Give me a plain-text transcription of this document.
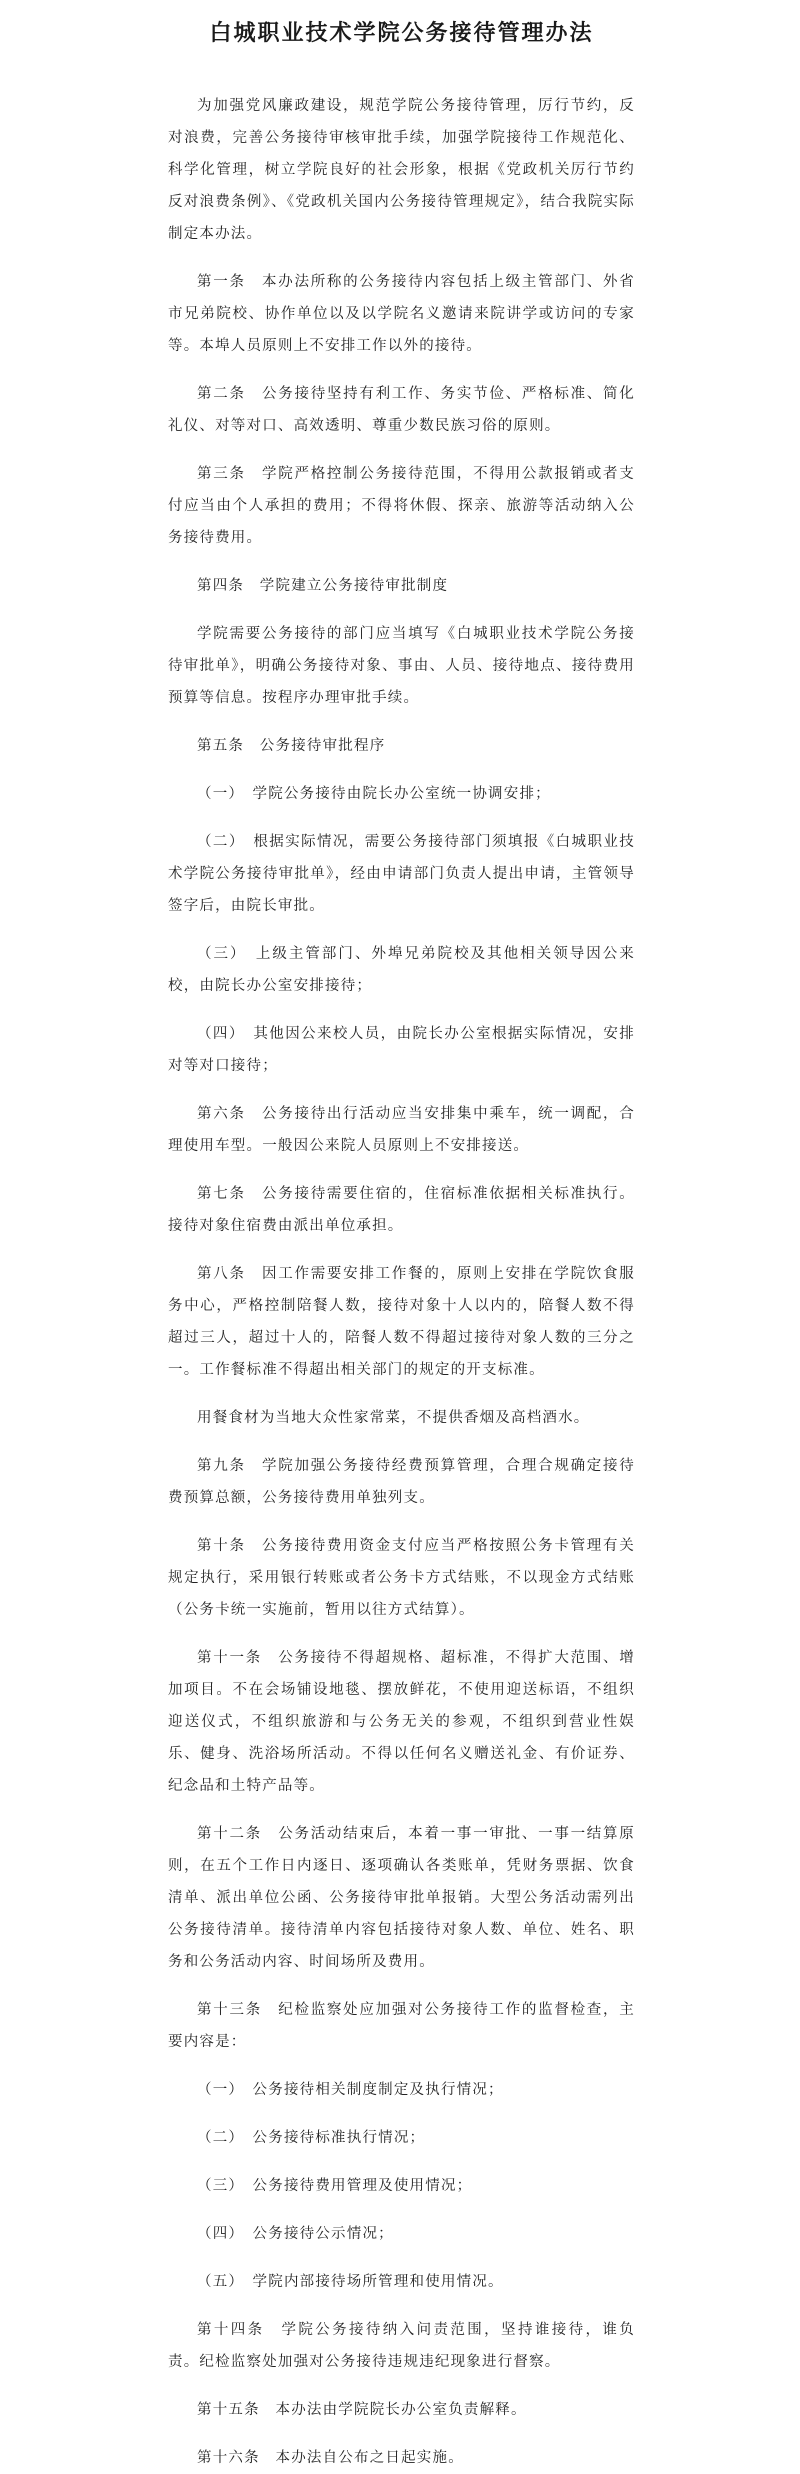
白城职业技术学院公务接待管理办法

为加强党风廉政建设，规范学院公务接待管理，厉行节约，反对浪费，完善公务接待审核审批手续，加强学院接待工作规范化、科学化管理，树立学院良好的社会形象，根据《党政机关厉行节约反对浪费条例》、《党政机关国内公务接待管理规定》，结合我院实际制定本办法。

第一条　本办法所称的公务接待内容包括上级主管部门、外省市兄弟院校、协作单位以及以学院名义邀请来院讲学或访问的专家等。本埠人员原则上不安排工作以外的接待。

第二条　公务接待坚持有利工作、务实节俭、严格标准、简化礼仪、对等对口、高效透明、尊重少数民族习俗的原则。

第三条　学院严格控制公务接待范围，不得用公款报销或者支付应当由个人承担的费用；不得将休假、探亲、旅游等活动纳入公务接待费用。

第四条　学院建立公务接待审批制度

学院需要公务接待的部门应当填写《白城职业技术学院公务接待审批单》，明确公务接待对象、事由、人员、接待地点、接待费用预算等信息。按程序办理审批手续。

第五条　公务接待审批程序

（一）　学院公务接待由院长办公室统一协调安排；

（二）　根据实际情况，需要公务接待部门须填报《白城职业技术学院公务接待审批单》，经由申请部门负责人提出申请，主管领导签字后，由院长审批。

（三）　上级主管部门、外埠兄弟院校及其他相关领导因公来校，由院长办公室安排接待；

（四）　其他因公来校人员，由院长办公室根据实际情况，安排对等对口接待；

第六条　公务接待出行活动应当安排集中乘车，统一调配，合理使用车型。一般因公来院人员原则上不安排接送。

第七条　公务接待需要住宿的，住宿标准依据相关标准执行。接待对象住宿费由派出单位承担。

第八条　因工作需要安排工作餐的，原则上安排在学院饮食服务中心，严格控制陪餐人数，接待对象十人以内的，陪餐人数不得超过三人，超过十人的，陪餐人数不得超过接待对象人数的三分之一。工作餐标准不得超出相关部门的规定的开支标准。

用餐食材为当地大众性家常菜，不提供香烟及高档酒水。

第九条　学院加强公务接待经费预算管理，合理合规确定接待费预算总额，公务接待费用单独列支。

第十条　公务接待费用资金支付应当严格按照公务卡管理有关规定执行，采用银行转账或者公务卡方式结账，不以现金方式结账（公务卡统一实施前，暂用以往方式结算）。

第十一条　公务接待不得超规格、超标准，不得扩大范围、增加项目。不在会场铺设地毯、摆放鲜花，不使用迎送标语，不组织迎送仪式，不组织旅游和与公务无关的参观，不组织到营业性娱乐、健身、洗浴场所活动。不得以任何名义赠送礼金、有价证券、纪念品和土特产品等。

第十二条　公务活动结束后，本着一事一审批、一事一结算原则，在五个工作日内逐日、逐项确认各类账单，凭财务票据、饮食清单、派出单位公函、公务接待审批单报销。大型公务活动需列出公务接待清单。接待清单内容包括接待对象人数、单位、姓名、职务和公务活动内容、时间场所及费用。

第十三条　纪检监察处应加强对公务接待工作的监督检查，主要内容是：

（一）　公务接待相关制度制定及执行情况；

（二）　公务接待标准执行情况；

（三）　公务接待费用管理及使用情况；

（四）　公务接待公示情况；

（五）　学院内部接待场所管理和使用情况。

第十四条　学院公务接待纳入问责范围，坚持谁接待，谁负责。纪检监察处加强对公务接待违规违纪现象进行督察。

第十五条　本办法由学院院长办公室负责解释。

第十六条　本办法自公布之日起实施。
